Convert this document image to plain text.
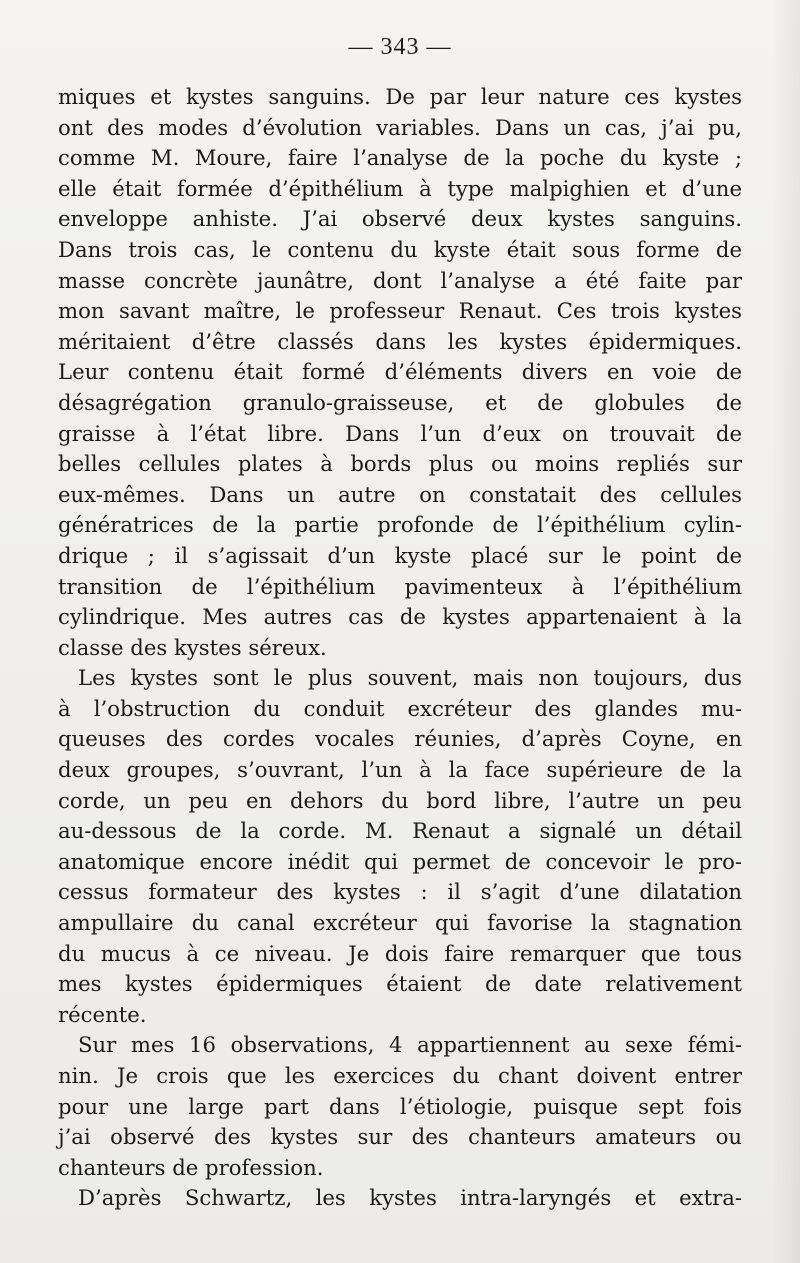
— 343 —
miques et kystes sanguins. De par leur nature ces kystes
ont des modes d’évolution variables. Dans un cas, j’ai pu,
comme M. Moure, faire l’analyse de la poche du kyste ;
elle était formée d’épithélium à type malpighien et d’une
enveloppe anhiste. J’ai observé deux kystes sanguins.
Dans trois cas, le contenu du kyste était sous forme de
masse concrète jaunâtre, dont l’analyse a été faite par
mon savant maître, le professeur Renaut. Ces trois kystes
méritaient d’être classés dans les kystes épidermiques.
Leur contenu était formé d’éléments divers en voie de
désagrégation granulo-graisseuse, et de globules de
graisse à l’état libre. Dans l’un d’eux on trouvait de
belles cellules plates à bords plus ou moins repliés sur
eux-mêmes. Dans un autre on constatait des cellules
génératrices de la partie profonde de l’épithélium cylin-
drique ; il s’agissait d’un kyste placé sur le point de
transition de l’épithélium pavimenteux à l’épithélium
cylindrique. Mes autres cas de kystes appartenaient à la
classe des kystes séreux.
Les kystes sont le plus souvent, mais non toujours, dus
à l’obstruction du conduit excréteur des glandes mu-
queuses des cordes vocales réunies, d’après Coyne, en
deux groupes, s’ouvrant, l’un à la face supérieure de la
corde, un peu en dehors du bord libre, l’autre un peu
au-dessous de la corde. M. Renaut a signalé un détail
anatomique encore inédit qui permet de concevoir le pro-
cessus formateur des kystes : il s’agit d’une dilatation
ampullaire du canal excréteur qui favorise la stagnation
du mucus à ce niveau. Je dois faire remarquer que tous
mes kystes épidermiques étaient de date relativement
récente.
Sur mes 16 observations, 4 appartiennent au sexe fémi-
nin. Je crois que les exercices du chant doivent entrer
pour une large part dans l’étiologie, puisque sept fois
j’ai observé des kystes sur des chanteurs amateurs ou
chanteurs de profession.
D’après Schwartz, les kystes intra-laryngés et extra-
